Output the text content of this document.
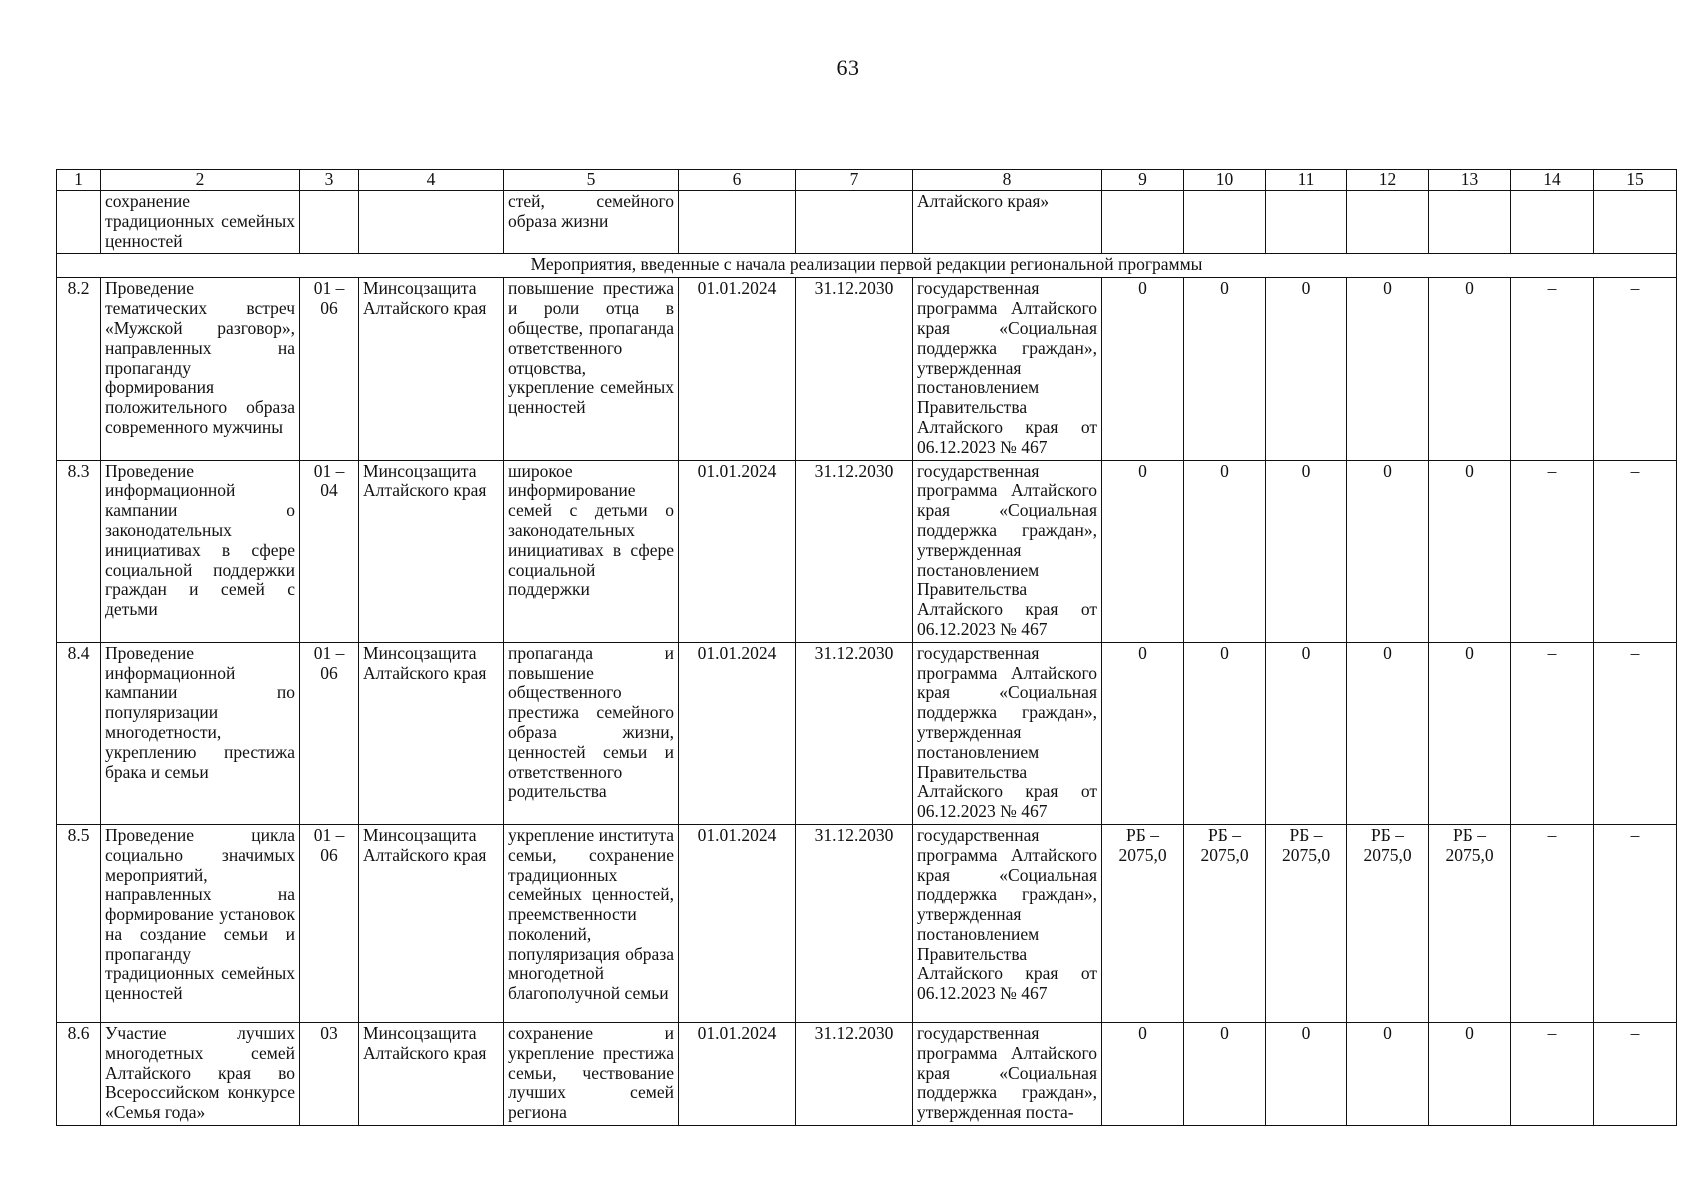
63
1	2	3	4	5	6	7	8	9	10	11	12	13	14	15
	сохранение традиционных семейных ценностей			стей, семейного образа жизни			Алтайского края»							
Мероприятия, введенные с начала реализации первой редакции региональной программы														
8.2	Проведение тематических встреч «Мужской разговор», направленных на пропаганду формирования положительного образа современного мужчины	01 – 06	Минсоцзащита Алтайского края	повышение престижа и роли отца в обществе, пропаганда ответственного отцовства, укрепление семейных ценностей	01.01.2024	31.12.2030	государственная программа Алтайского края «Социальная поддержка граждан», утвержденная постановлением Правительства Алтайского края от 06.12.2023 № 467	0	0	0	0	0	–	–
8.3	Проведение информационной кампании о законодательных инициативах в сфере социальной поддержки граждан и семей с детьми	01 – 04	Минсоцзащита Алтайского края	широкое информирование семей с детьми о законодательных инициативах в сфере социальной поддержки	01.01.2024	31.12.2030	государственная программа Алтайского края «Социальная поддержка граждан», утвержденная постановлением Правительства Алтайского края от 06.12.2023 № 467	0	0	0	0	0	–	–
8.4	Проведение информационной кампании по популяризации многодетности, укреплению престижа брака и семьи	01 – 06	Минсоцзащита Алтайского края	пропаганда и повышение общественного престижа семейного образа жизни, ценностей семьи и ответственного родительства	01.01.2024	31.12.2030	государственная программа Алтайского края «Социальная поддержка граждан», утвержденная постановлением Правительства Алтайского края от 06.12.2023 № 467	0	0	0	0	0	–	–
8.5	Проведение цикла социально значимых мероприятий, направленных на формирование установок на создание семьи и пропаганду традиционных семейных ценностей	01 – 06	Минсоцзащита Алтайского края	укрепление института семьи, сохранение традиционных семейных ценностей, преемственности поколений, популяризация образа многодетной благополучной семьи	01.01.2024	31.12.2030	государственная программа Алтайского края «Социальная поддержка граждан», утвержденная постановлением Правительства Алтайского края от 06.12.2023 № 467	РБ – 2075,0	РБ – 2075,0	РБ – 2075,0	РБ – 2075,0	РБ – 2075,0	–	–
8.6	Участие лучших многодетных семей Алтайского края во Всероссийском конкурсе «Семья года»	03	Минсоцзащита Алтайского края	сохранение и укрепление престижа семьи, чествование лучших семей региона	01.01.2024	31.12.2030	государственная программа Алтайского края «Социальная поддержка граждан», утвержденная поста-	0	0	0	0	0	–	–
